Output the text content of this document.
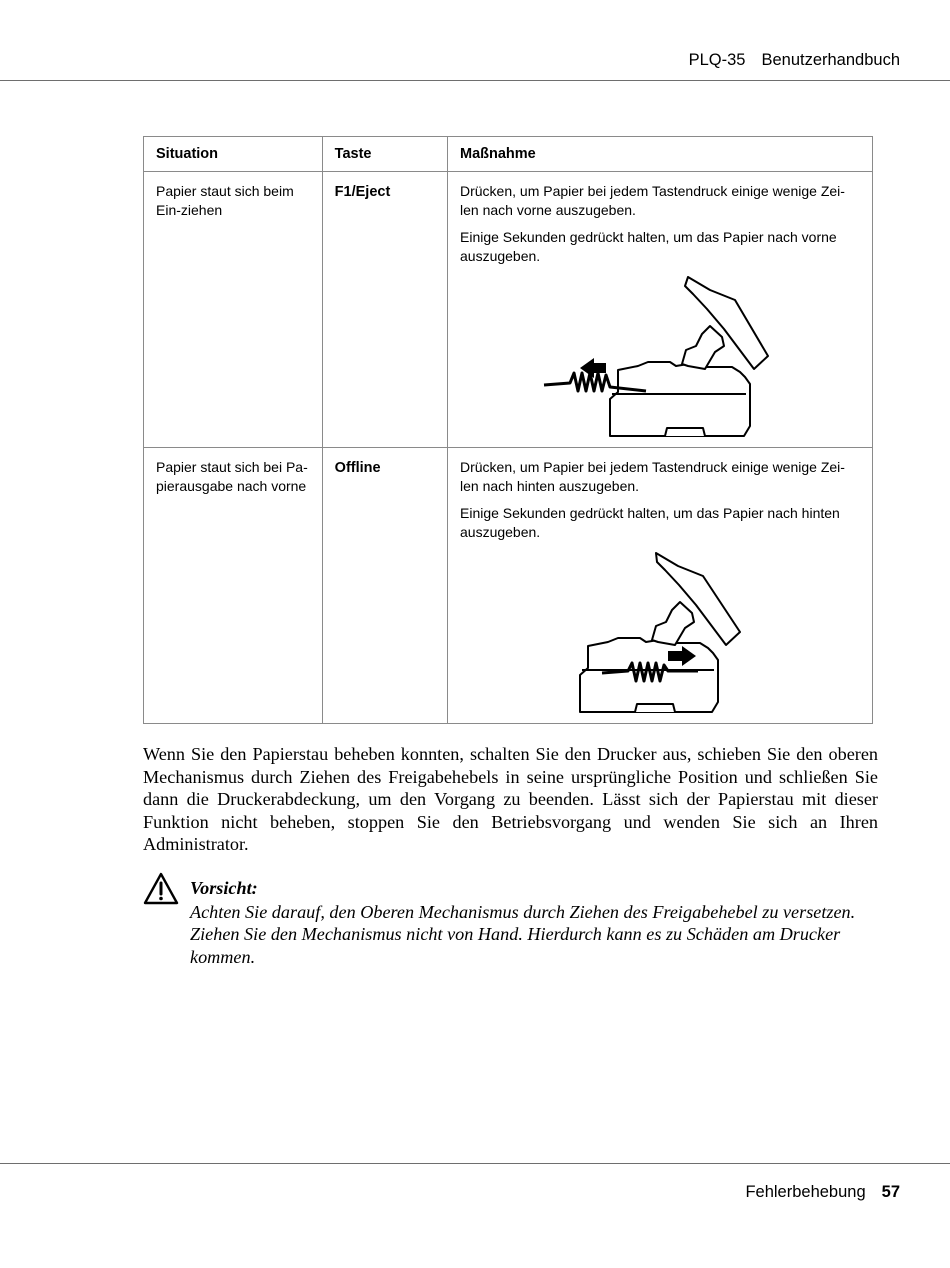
PLQ-35 Benutzerhandbuch
Situation	Taste	Maßnahme
Papier staut sich beim Ein-ziehen	F1/Eject	Drücken, um Papier bei jedem Tastendruck einige wenige Zei-len nach vorne auszugeben.

Einige Sekunden gedrückt halten, um das Papier nach vorne auszugeben.

Papier staut sich bei Pa-pierausgabe nach vorne	Offline	Drücken, um Papier bei jedem Tastendruck einige wenige Zei-len nach hinten auszugeben.

Einige Sekunden gedrückt halten, um das Papier nach hinten auszugeben.

Wenn Sie den Papierstau beheben konnten, schalten Sie den Drucker aus, schieben Sie den oberen Mechanismus durch Ziehen des Freigabehebels in seine ursprüngliche Position und schließen Sie dann die Druckerabdeckung, um den Vorgang zu beenden. Lässt sich der Papierstau mit dieser Funktion nicht beheben, stoppen Sie den Betriebsvorgang und wenden Sie sich an Ihren Administrator.

Vorsicht:

Achten Sie darauf, den Oberen Mechanismus durch Ziehen des Freigabehebel zu versetzen. Ziehen Sie den Mechanismus nicht von Hand. Hierdurch kann es zu Schäden am Drucker kommen.

Fehlerbehebung 57
